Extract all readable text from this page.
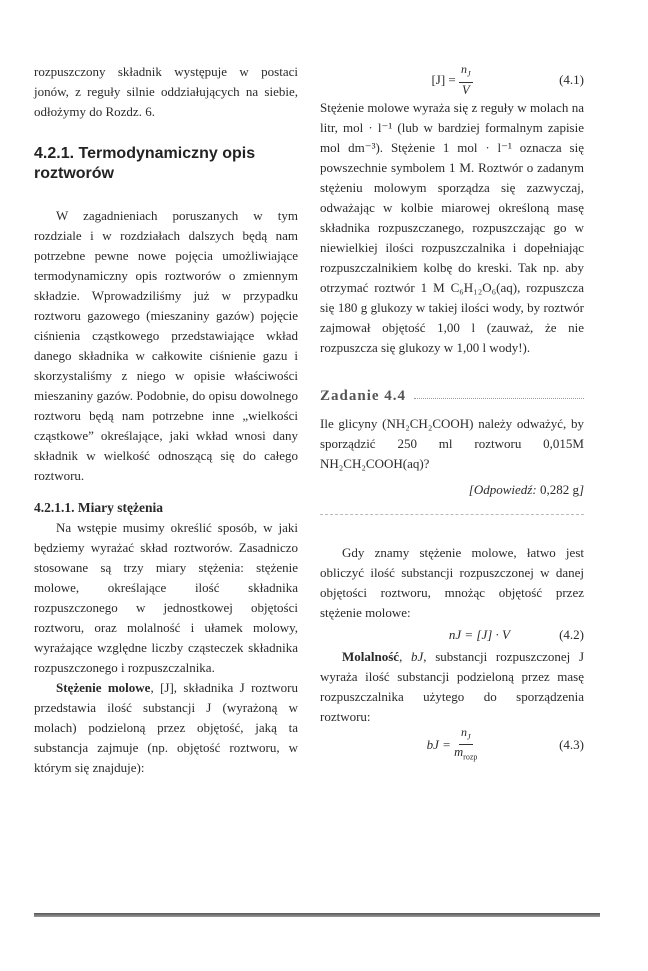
rozpuszczony składnik występuje w postaci jonów, z reguły silnie oddziałujących na siebie, odłożymy do Rozdz. 6.

4.2.1. Termodynamiczny opis roztworów

W zagadnieniach poruszanych w tym rozdziale i w rozdziałach dalszych będą nam potrzebne pewne nowe pojęcia umożliwiające termodynamiczny opis roztworów o zmiennym składzie. Wprowadziliśmy już w przypadku roztworu gazowego (mieszaniny gazów) pojęcie ciśnienia cząstkowego przedstawiające wkład danego składnika w całkowite ciśnienie gazu i skorzystaliśmy z niego w opisie właściwości mieszaniny gazów. Podobnie, do opisu dowolnego roztworu będą nam potrzebne inne „wielkości cząstkowe” określające, jaki wkład wnosi dany składnik w wielkość odnoszącą się do całego roztworu.

4.2.1.1. Miary stężenia

Na wstępie musimy określić sposób, w jaki będziemy wyrażać skład roztworów. Zasadniczo stosowane są trzy miary stężenia: stężenie molowe, określające ilość składnika rozpuszczonego w jednostkowej objętości roztworu, oraz molalność i ułamek molowy, wyrażające względne liczby cząsteczek składnika rozpuszczonego i rozpuszczalnika.

Stężenie molowe, [J], składnika J roztworu przedstawia ilość substancji J (wyrażoną w molach) podzieloną przez objętość, jaką ta substancja zajmuje (np. objętość roztworu, w którym się znajduje):

[J] =
$\frac{n_J}{V}$	(4.1)

Stężenie molowe wyraża się z reguły w molach na litr, mol · l⁻¹ (lub w bardziej formalnym zapisie mol dm⁻³). Stężenie 1 mol · l⁻¹ oznacza się powszechnie symbolem 1 M. Roztwór o zadanym stężeniu molowym sporządza się zazwyczaj, odważając w kolbie miarowej określoną masę składnika rozpuszczanego, rozpuszczając go w niewielkiej ilości rozpuszczalnika i dopełniając rozpuszczalnikiem kolbę do kreski. Tak np. aby otrzymać roztwór 1 M C₆H₁₂O₆(aq), rozpuszcza się 180 g glukozy w takiej ilości wody, by roztwór zajmował objętość 1,00 l (zauważ, że nie rozpuszcza się glukozy w 1,00 l wody!).

Zadanie 4.4

Ile glicyny (NH₂CH₂COOH) należy odważyć, by sporządzić 250 ml roztworu 0,015M NH₂CH₂COOH(aq)?

[Odpowiedź: 0,282 g]

Gdy znamy stężenie molowe, łatwo jest obliczyć ilość substancji rozpuszczonej w danej objętości roztworu, mnożąc objętość przez stężenie molowe:

nJ = [J] · V	(4.2)

Molalność, bJ, substancji rozpuszczonej J wyraża ilość substancji podzieloną przez masę rozpuszczalnika użytego do sporządzenia roztworu:

bJ =
$\frac{n_J}{m_{rozp}}$	(4.3)
